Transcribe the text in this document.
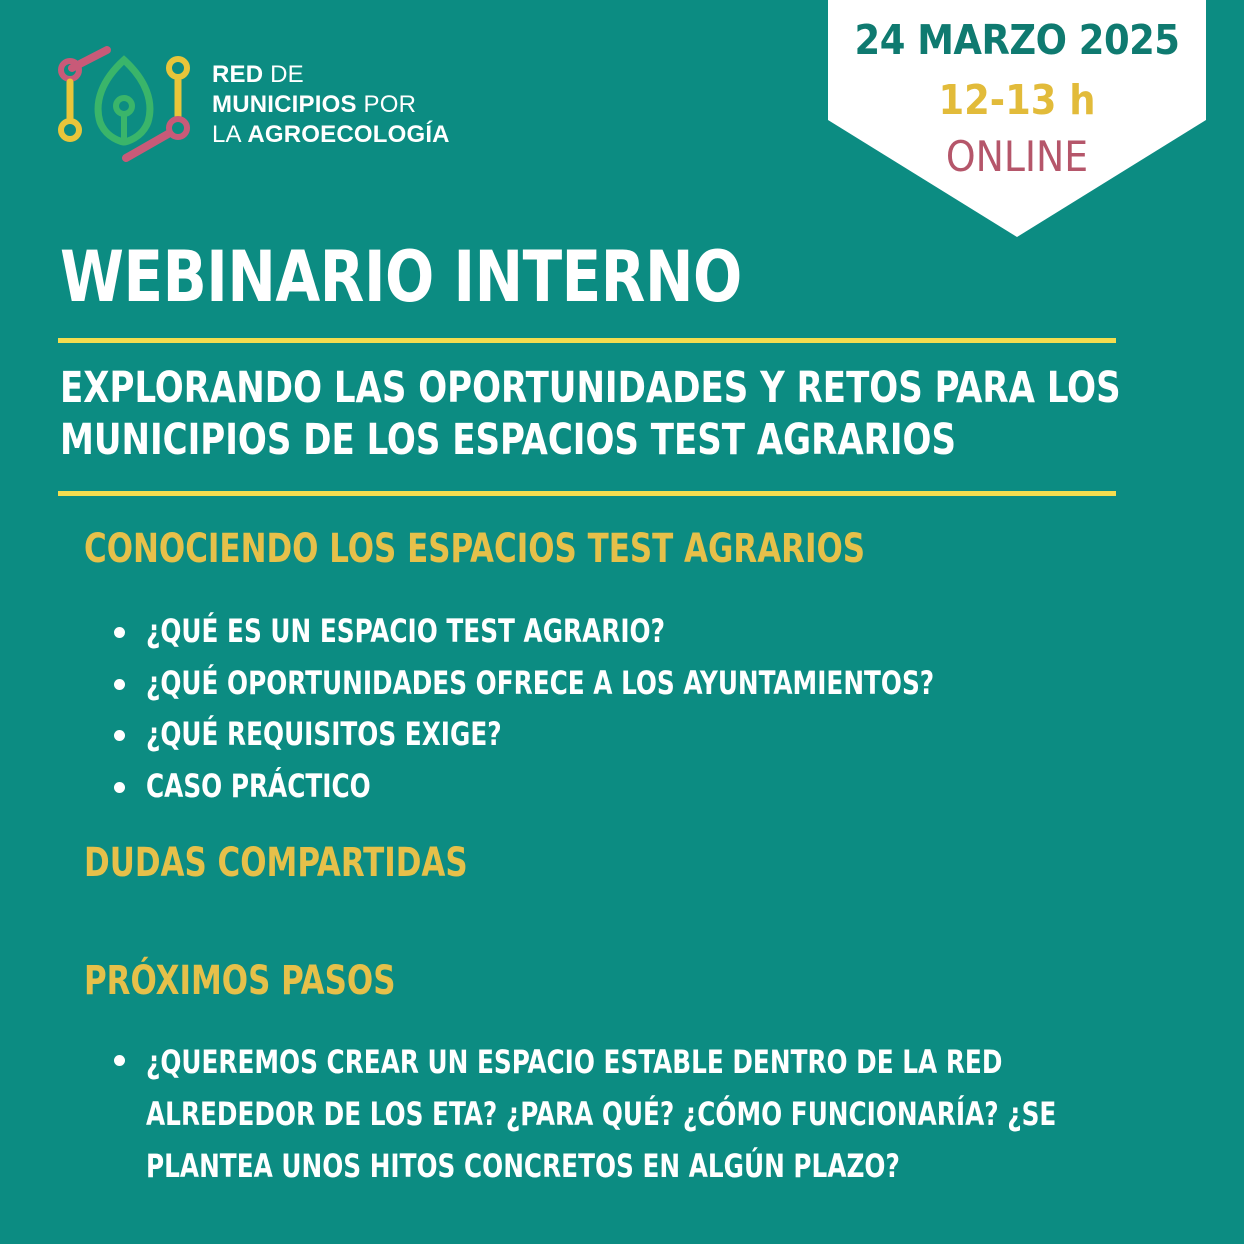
RED DE
MUNICIPIOS POR
LA AGROECOLOGÍA
24 MARZO 2025
12-13 h
ONLINE
WEBINARIO INTERNO
EXPLORANDO LAS OPORTUNIDADES Y RETOS PARA LOS
MUNICIPIOS DE LOS ESPACIOS TEST AGRARIOS
CONOCIENDO LOS ESPACIOS TEST AGRARIOS
¿QUÉ ES UN ESPACIO TEST AGRARIO?
¿QUÉ OPORTUNIDADES OFRECE A LOS AYUNTAMIENTOS?
¿QUÉ REQUISITOS EXIGE?
CASO PRÁCTICO
DUDAS COMPARTIDAS
PRÓXIMOS PASOS
¿QUEREMOS CREAR UN ESPACIO ESTABLE DENTRO DE LA RED
ALREDEDOR DE LOS ETA? ¿PARA QUÉ? ¿CÓMO FUNCIONARÍA? ¿SE
PLANTEA UNOS HITOS CONCRETOS EN ALGÚN PLAZO?
